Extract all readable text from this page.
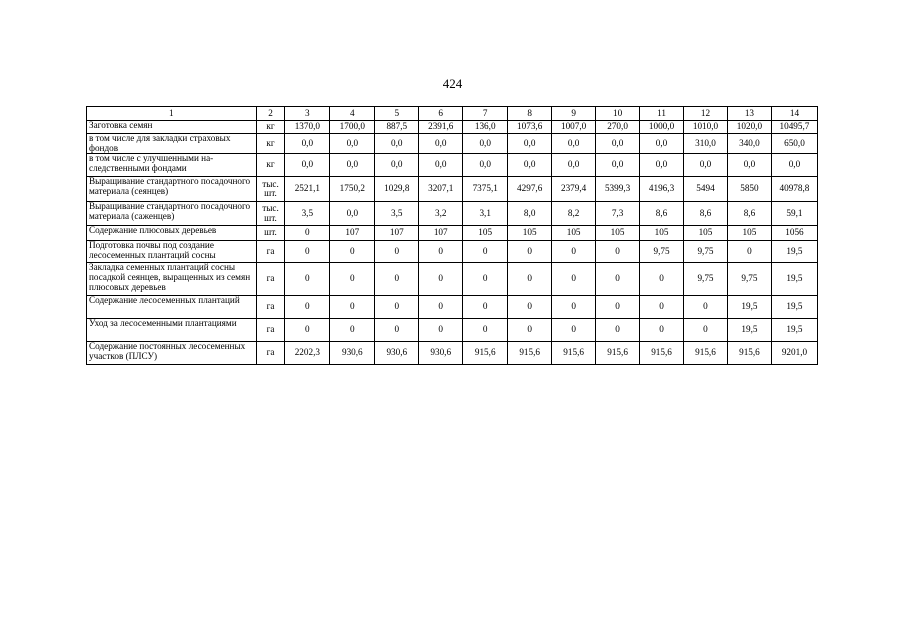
424
1	2	3	4	5	6	7	8	9	10	11	12	13	14
Заготовка семян	кг	1370,0	1700,0	887,5	2391,6	136,0	1073,6	1007,0	270,0	1000,0	1010,0	1020,0	10495,7
в том числе для закладки страховых фондов	кг	0,0	0,0	0,0	0,0	0,0	0,0	0,0	0,0	0,0	310,0	340,0	650,0
в том числе с улучшенными на-следственными фондами	кг	0,0	0,0	0,0	0,0	0,0	0,0	0,0	0,0	0,0	0,0	0,0	0,0
Выращивание стандартного посадочного материала (сеянцев)	тыс. шт.	2521,1	1750,2	1029,8	3207,1	7375,1	4297,6	2379,4	5399,3	4196,3	5494	5850	40978,8
Выращивание стандартного посадочного материала (саженцев)	тыс. шт.	3,5	0,0	3,5	3,2	3,1	8,0	8,2	7,3	8,6	8,6	8,6	59,1
Содержание плюсовых деревьев	шт.	0	107	107	107	105	105	105	105	105	105	105	1056
Подготовка почвы под создание лесосеменных плантаций сосны	га	0	0	0	0	0	0	0	0	9,75	9,75	0	19,5
Закладка семенных плантаций сосны посадкой сеянцев, выращенных из семян плюсовых деревьев	га	0	0	0	0	0	0	0	0	0	9,75	9,75	19,5
Содержание лесосеменных плантаций	га	0	0	0	0	0	0	0	0	0	0	19,5	19,5
Уход за лесосеменными плантациями	га	0	0	0	0	0	0	0	0	0	0	19,5	19,5
Содержание постоянных лесосеменных участков (ПЛСУ)	га	2202,3	930,6	930,6	930,6	915,6	915,6	915,6	915,6	915,6	915,6	915,6	9201,0
